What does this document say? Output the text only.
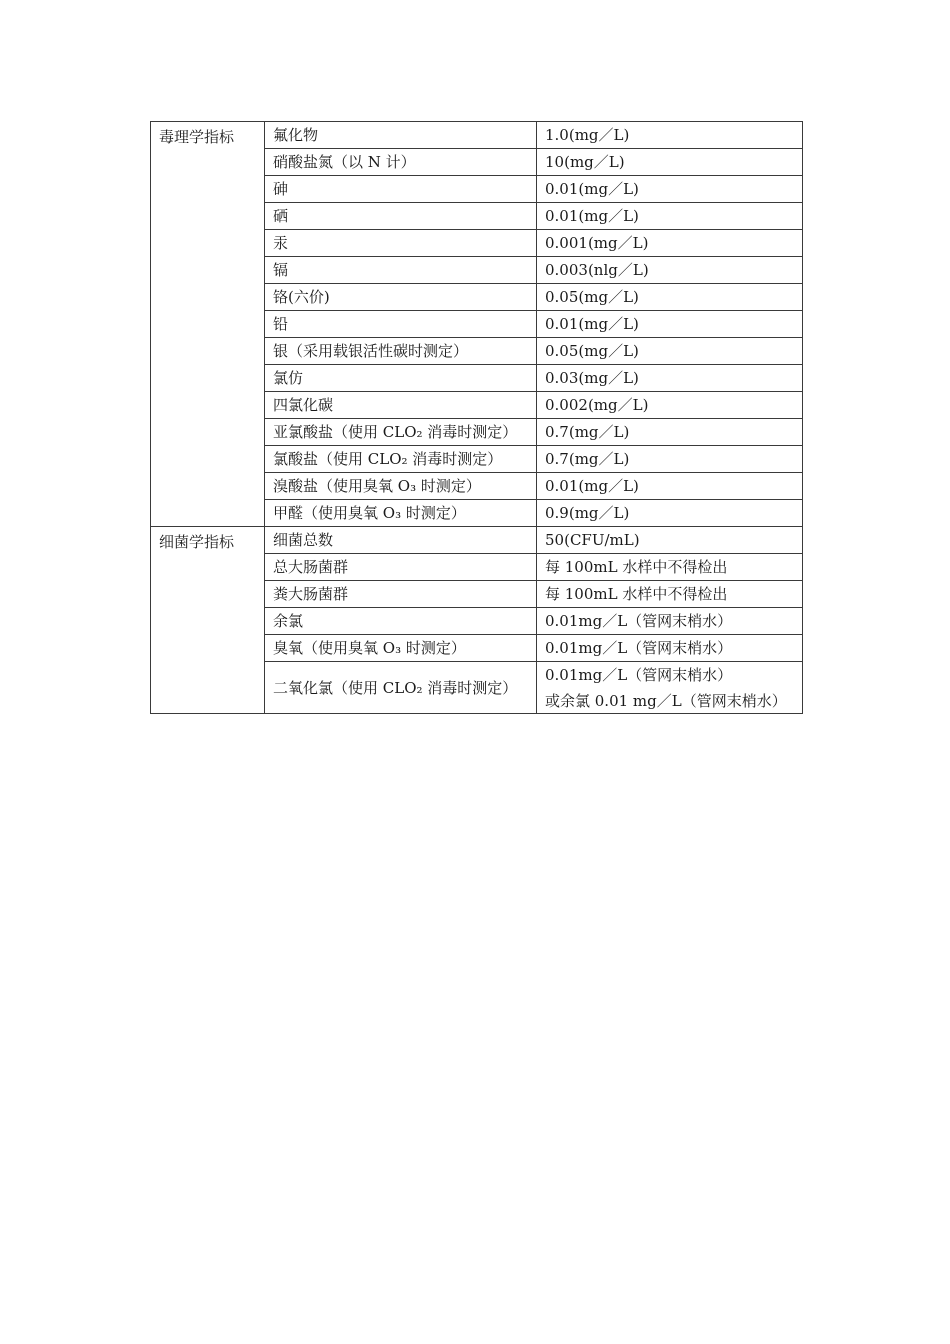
毒理学指标	氟化物	1.0(mg／L)
	硝酸盐氮（以 N 计）	10(mg／L)
	砷	0.01(mg／L)
	硒	0.01(mg／L)
	汞	0.001(mg／L)
	镉	0.003(nlg／L)
	铬(六价)	0.05(mg／L)
	铅	0.01(mg／L)
	银（采用载银活性碳时测定）	0.05(mg／L)
	氯仿	0.03(mg／L)
	四氯化碳	0.002(mg／L)
	亚氯酸盐（使用 CLO₂ 消毒时测定）	0.7(mg／L)
	氯酸盐（使用 CLO₂ 消毒时测定）	0.7(mg／L)
	溴酸盐（使用臭氧 O₃ 时测定）	0.01(mg／L)
	甲醛（使用臭氧 O₃ 时测定）	0.9(mg／L)
细菌学指标	细菌总数	50(CFU/mL)
	总大肠菌群	每 100mL 水样中不得检出
	粪大肠菌群	每 100mL 水样中不得检出
	余氯	0.01mg／L（管网末梢水）
	臭氧（使用臭氧 O₃ 时测定）	0.01mg／L（管网末梢水）
	二氧化氯（使用 CLO₂ 消毒时测定）	0.01mg／L（管网末梢水）
或余氯 0.01 mg／L（管网末梢水）
